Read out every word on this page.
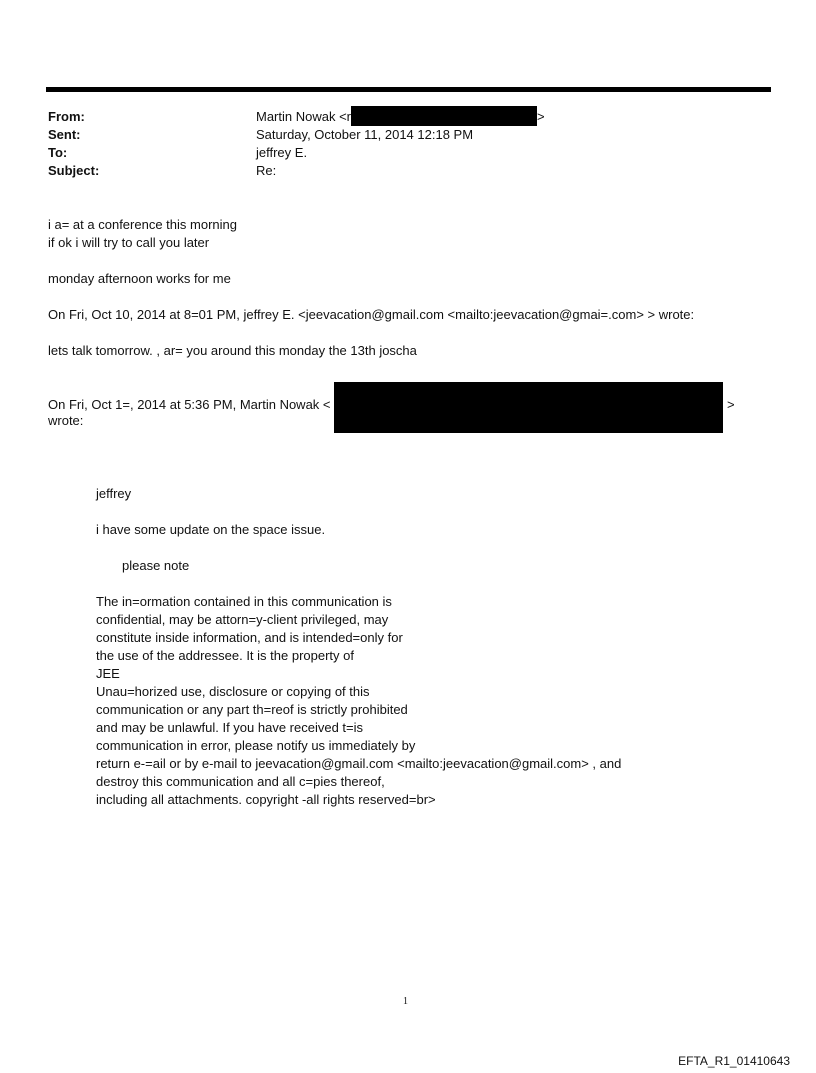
From:	Martin Nowak <r	>
Sent:	Saturday, October 11, 2014 12:18 PM
To:	jeffrey E.
Subject:	Re:
i a= at a conference this morning
if ok i will try to call you later
monday afternoon works for me
On Fri, Oct 10, 2014 at 8=01 PM, jeffrey E. <jeevacation@gmail.com <mailto:jeevacation@gmai=.com> > wrote:
lets talk tomorrow. , ar= you around this monday the 13th joscha
On Fri, Oct 1=, 2014 at 5:36 PM, Martin Nowak <	>
wrote:
jeffrey
i have some update on the space issue.
please note
The in=ormation contained in this communication is
confidential, may be attorn=y-client privileged, may
constitute inside information, and is intended=only for
the use of the addressee. It is the property of
JEE
Unau=horized use, disclosure or copying of this
communication or any part th=reof is strictly prohibited
and may be unlawful. If you have received t=is
communication in error, please notify us immediately by
return e-=ail or by e-mail to jeevacation@gmail.com <mailto:jeevacation@gmail.com> , and
destroy this communication and all c=pies thereof,
including all attachments. copyright -all rights reserved=br>
1
EFTA_R1_01410643
